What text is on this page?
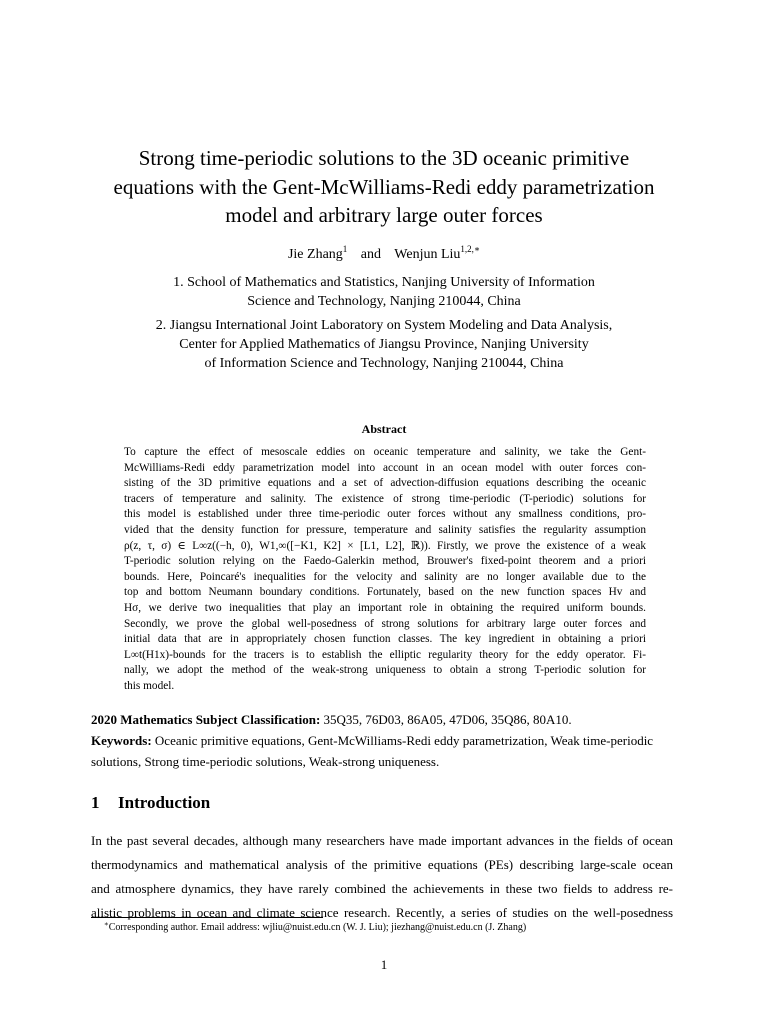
Strong time-periodic solutions to the 3D oceanic primitive
equations with the Gent-McWilliams-Redi eddy parametrization
model and arbitrary large outer forces
Jie Zhang$^1$ and Wenjun Liu$^{1,2,∗}$
1. School of Mathematics and Statistics, Nanjing University of Information
Science and Technology, Nanjing 210044, China
2. Jiangsu International Joint Laboratory on System Modeling and Data Analysis,
Center for Applied Mathematics of Jiangsu Province, Nanjing University
of Information Science and Technology, Nanjing 210044, China
Abstract
To capture the effect of mesoscale eddies on oceanic temperature and salinity, we take the Gent-
McWilliams-Redi eddy parametrization model into account in an ocean model with outer forces con-
sisting of the 3D primitive equations and a set of advection-diffusion equations describing the oceanic
tracers of temperature and salinity. The existence of strong time-periodic (T-periodic) solutions for
this model is established under three time-periodic outer forces without any smallness conditions, pro-
vided that the density function for pressure, temperature and salinity satisfies the regularity assumption
ρ(z, τ, σ) ∈ L∞z((−h, 0), W1,∞([−K1, K2] × [L1, L2], ℝ)). Firstly, we prove the existence of a weak
T-periodic solution relying on the Faedo-Galerkin method, Brouwer's fixed-point theorem and a priori
bounds. Here, Poincaré's inequalities for the velocity and salinity are no longer available due to the
top and bottom Neumann boundary conditions. Fortunately, based on the new function spaces Hv and
Hσ, we derive two inequalities that play an important role in obtaining the required uniform bounds.
Secondly, we prove the global well-posedness of strong solutions for arbitrary large outer forces and
initial data that are in appropriately chosen function classes. The key ingredient in obtaining a priori
L∞t(H1x)-bounds for the tracers is to establish the elliptic regularity theory for the eddy operator. Fi-
nally, we adopt the method of the weak-strong uniqueness to obtain a strong T-periodic solution for
this model.
2020 Mathematics Subject Classification: 35Q35, 76D03, 86A05, 47D06, 35Q86, 80A10.
Keywords: Oceanic primitive equations, Gent-McWilliams-Redi eddy parametrization, Weak time-periodic
solutions, Strong time-periodic solutions, Weak-strong uniqueness.
1 Introduction
In the past several decades, although many researchers have made important advances in the fields of ocean
thermodynamics and mathematical analysis of the primitive equations (PEs) describing large-scale ocean
and atmosphere dynamics, they have rarely combined the achievements in these two fields to address re-
alistic problems in ocean and climate science research. Recently, a series of studies on the well-posedness
∗Corresponding author. Email address: wjliu@nuist.edu.cn (W. J. Liu); jiezhang@nuist.edu.cn (J. Zhang)
1
